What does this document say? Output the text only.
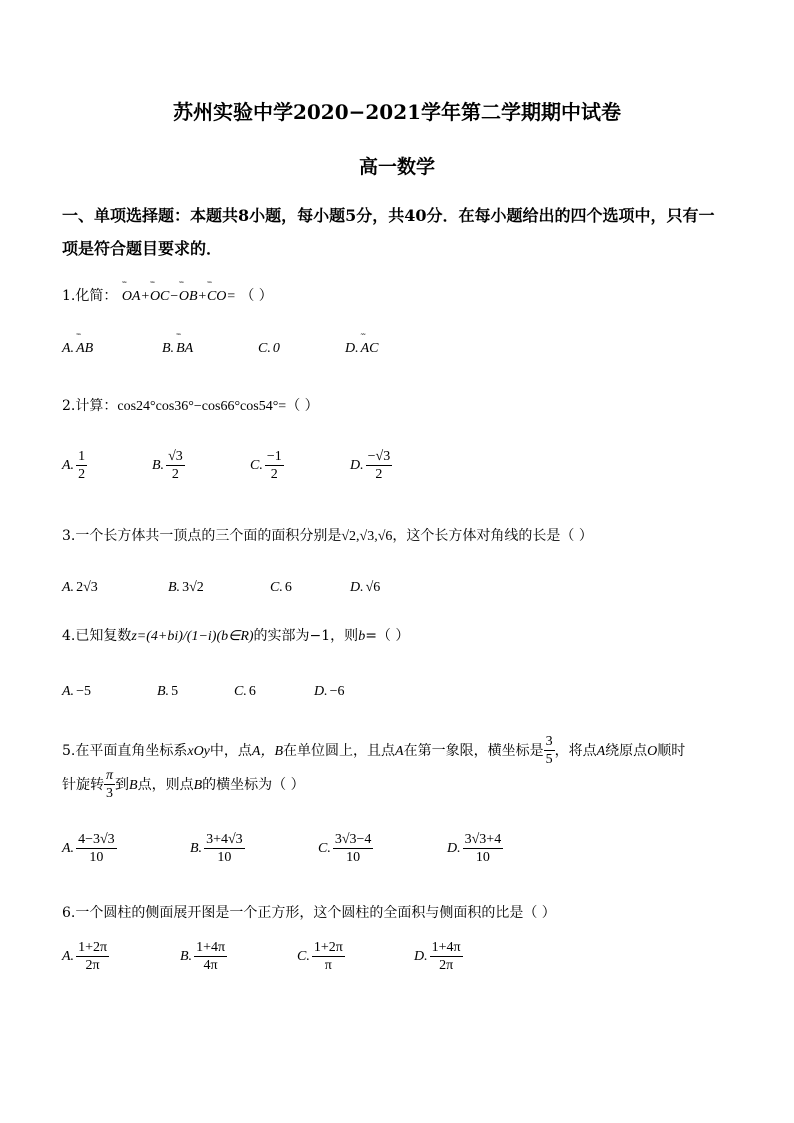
苏州实验中学2020−2021学年第二学期期中试卷
高一数学
一、单项选择题：本题共8小题，每小题5分，共40分．在每小题给出的四个选项中，只有一
项是符合题目要求的．
1.化简： ˜˜ OA+˜˜ OC−˜˜ OB+˜˜ CO= （ ）
A. ˜˜ AB	B. ˜˜ BA	C. 0	D. ˜˜ AC
2.计算：cos24°cos36°−cos66°cos54°=（ ）
A. $\frac{1}{2}$	B. $\frac{√3}{2}$	C. $\frac{-1}{2}$	D. $\frac{-√3}{2}$
3.一个长方体共一顶点的三个面的面积分别是√2,√3,√6，这个长方体对角线的长是（ ）
A. 2√3	B. 3√2	C. 6	D. √6
4.已知复数z=(4+bi)/(1−i)(b∈R)的实部为−1，则b=（ ）
A. −5	B. 5	C. 6	D. −6
5.在平面直角坐标系xOy中，点A，B在单位圆上，且点A在第一象限，横坐标是 $\frac{3}{5}$ ，将点A绕原点O顺时
针旋转 $\frac{\pi}{3}$ 到B点，则点B的横坐标为（ ）
A. $\frac{4-3√3}{10}$	B. $\frac{3+4√3}{10}$	C. $\frac{3√3-4}{10}$	D. $\frac{3√3+4}{10}$
6.一个圆柱的侧面展开图是一个正方形，这个圆柱的全面积与侧面积的比是（ ）
A. $\frac{1+2\pi}{2\pi}$	B. $\frac{1+4\pi}{4\pi}$	C. $\frac{1+2\pi}{\pi}$	D. $\frac{1+4\pi}{2\pi}$
